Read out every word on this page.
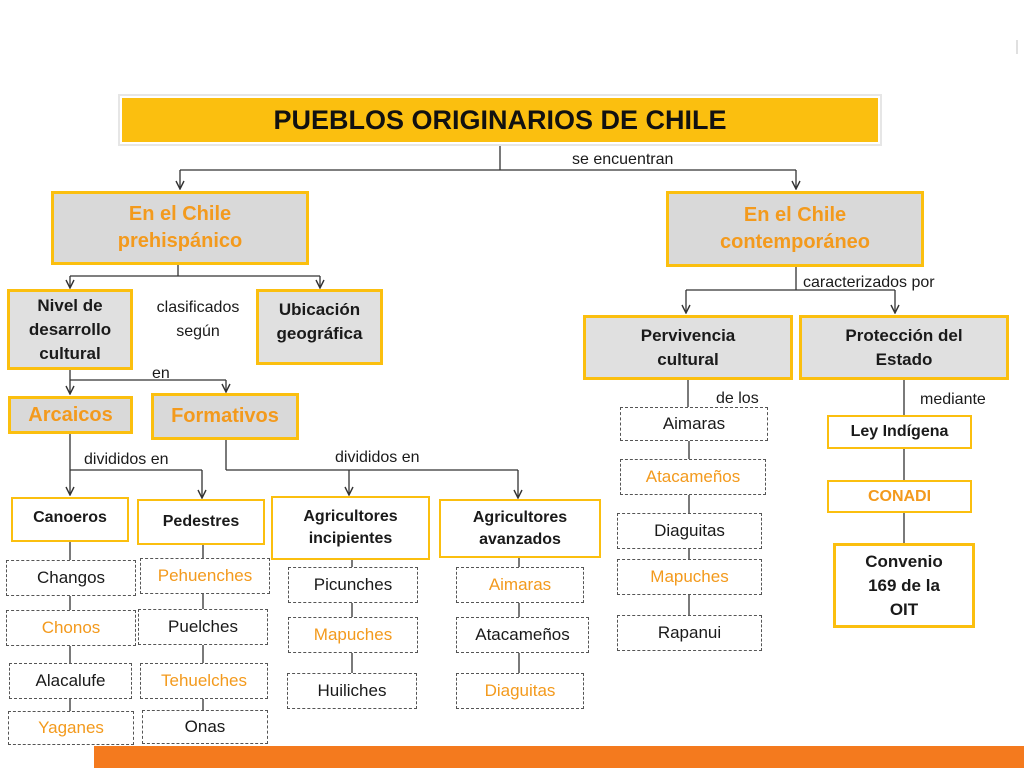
PUEBLOS ORIGINARIOS DE CHILE
se encuentran
En el Chile
prehispánico
En el Chile
contemporáneo
Nivel de
desarrollo
cultural
clasificados
según
Ubicación
geográfica
en
Arcaicos	Formativos
divididos en	divididos en
Canoeros	Pedestres	Agricultores
incipientes
Agricultores
avanzados
Changos
Chonos
Alacalufe
Yaganes
Pehuenches
Puelches
Tehuelches
Onas
Picunches
Mapuches
Huiliches
Aimaras
Atacameños
Diaguitas
caracterizados por
Pervivencia
cultural
Protección del
Estado
de los	mediante
Aimaras
Atacameños
Diaguitas
Mapuches
Rapanui
Ley Indígena
CONADI
Convenio
169 de la
OIT
